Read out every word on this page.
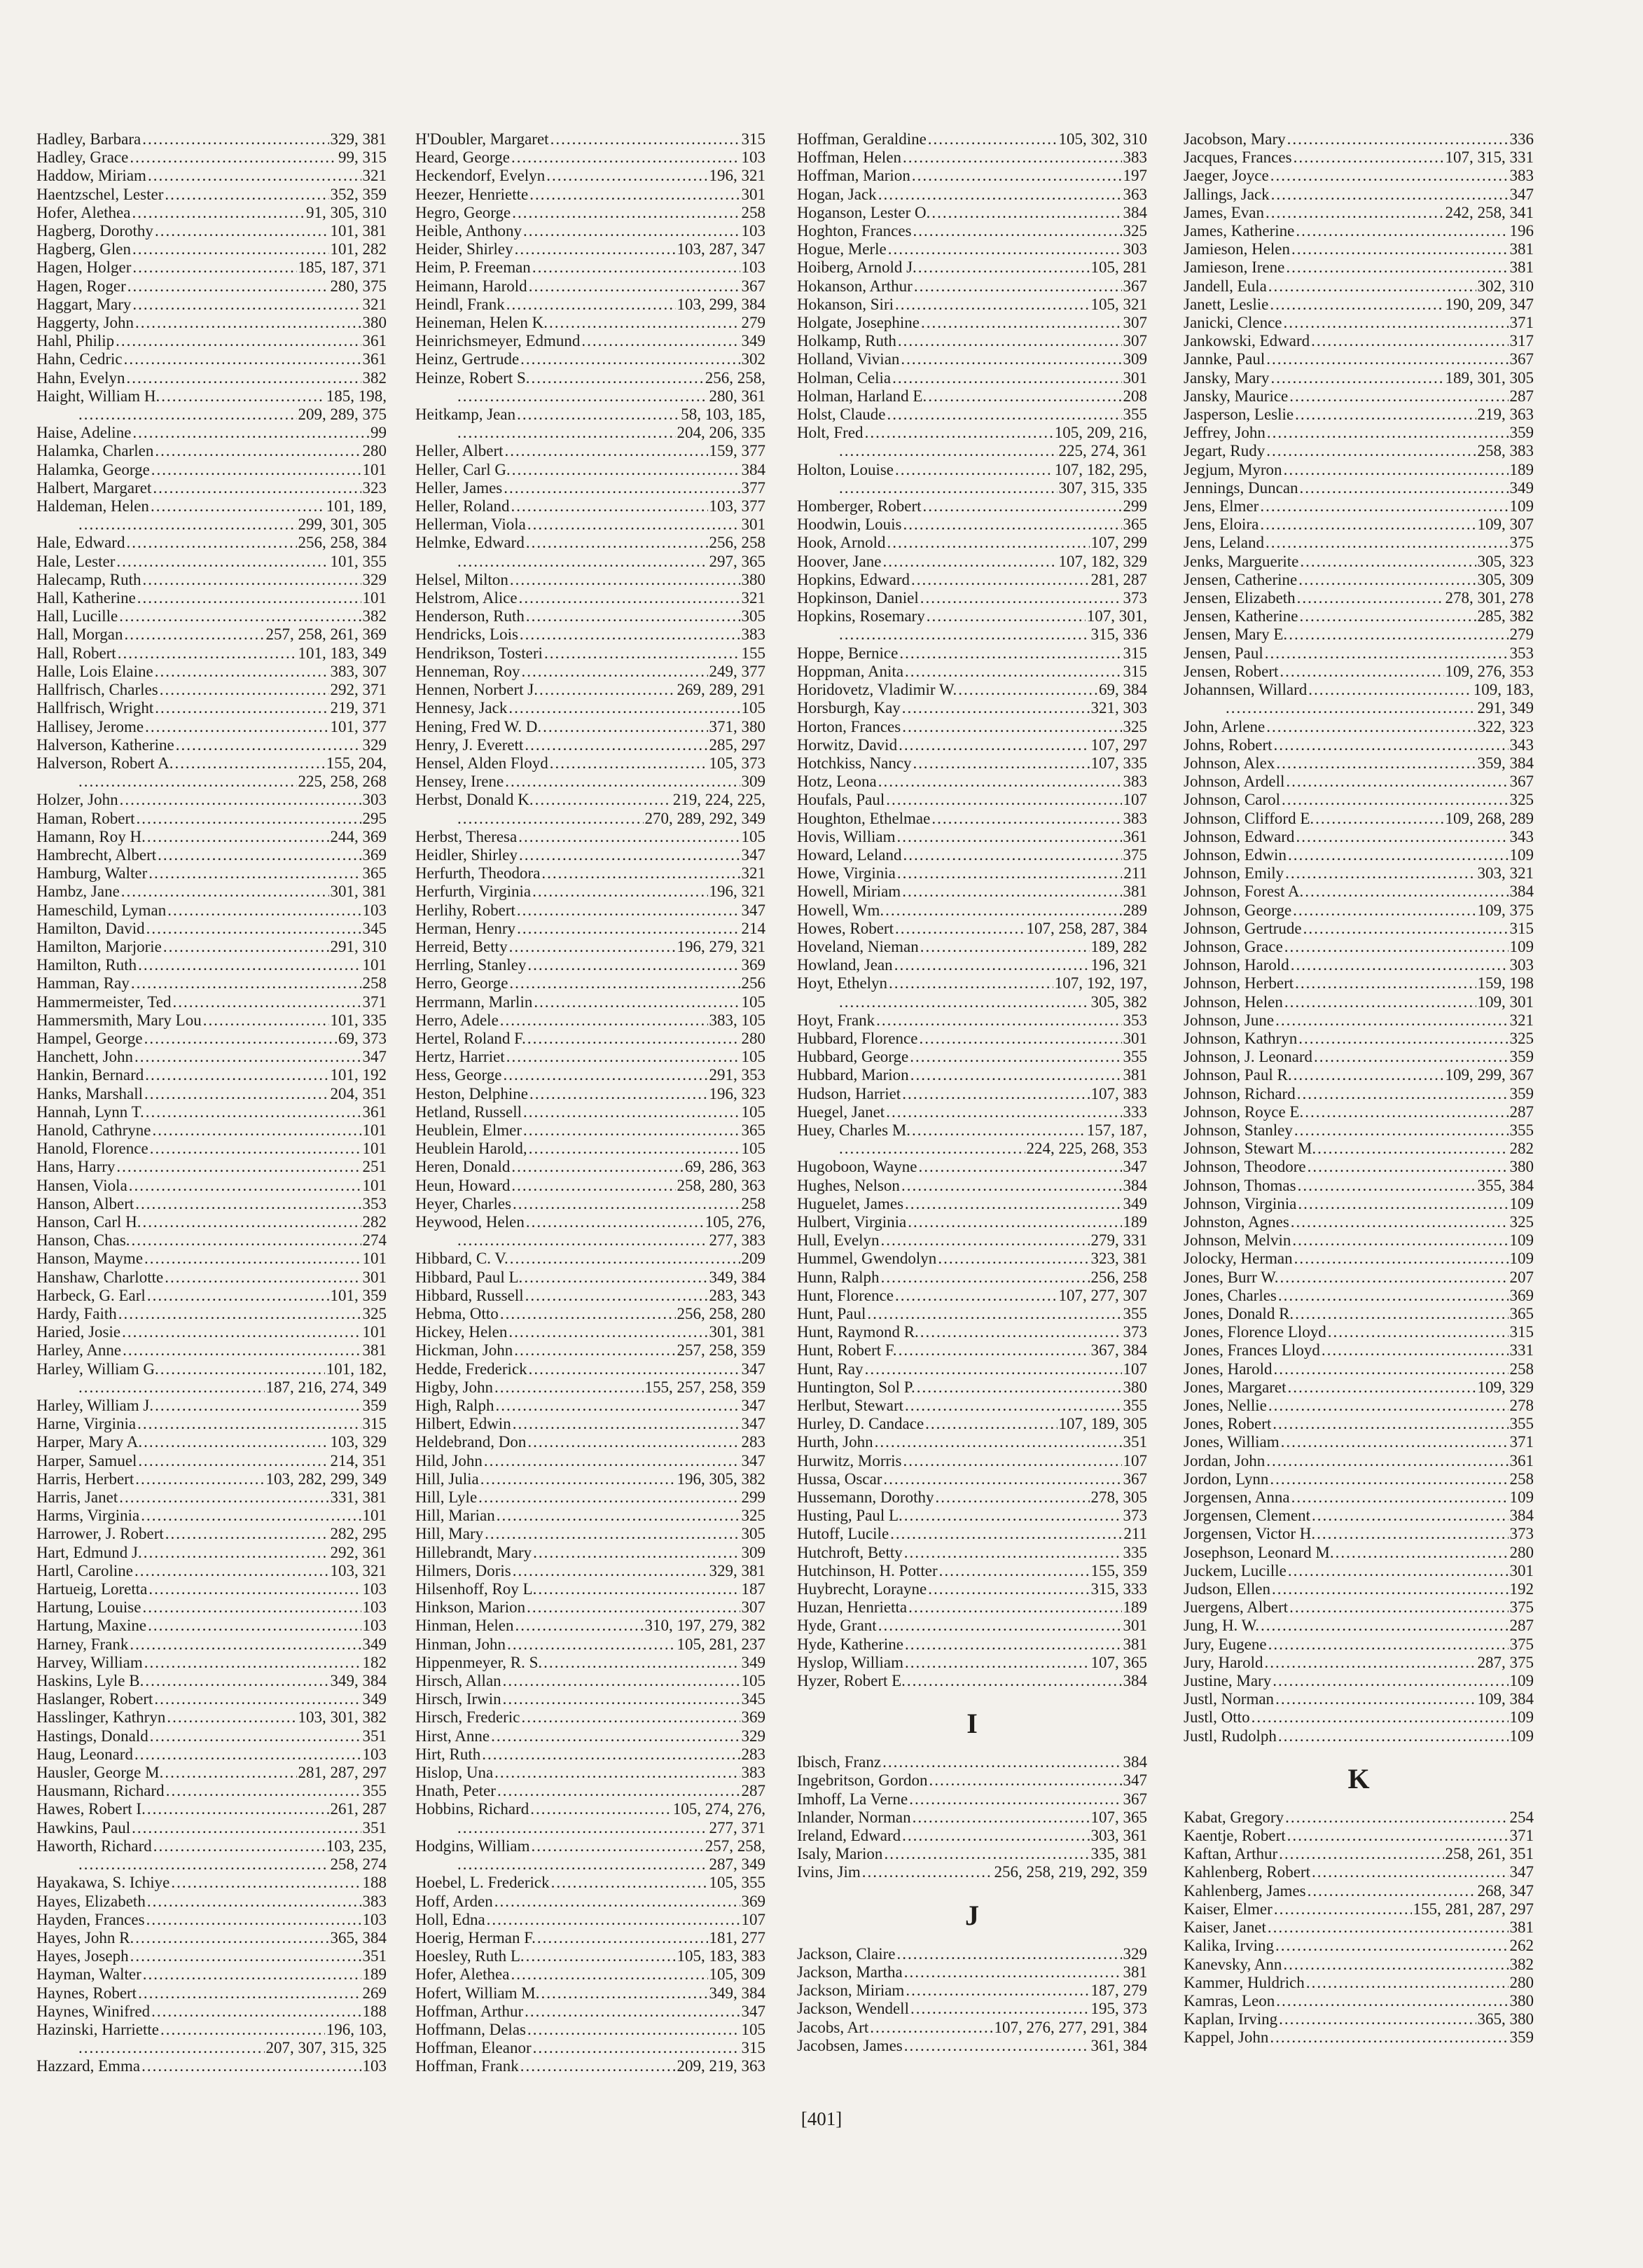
Hadley, Barbara .....	329, 381
Hadley, Grace .....	99, 315
Haddow, Miriam .....	321
Haentzschel, Lester .....	352, 359
Hofer, Alethea .....	91, 305, 310
Hagberg, Dorothy .....	101, 381
Hagberg, Glen .....	101, 282
Hagen, Holger .....	185, 187, 371
Hagen, Roger .....	280, 375
Haggart, Mary .....	321
Haggerty, John .....	380
Hahl, Philip .....	361
Hahn, Cedric .....	361
Hahn, Evelyn .....	382
Haight, William H. .....	185, 198,
.....
209, 289, 375
Haise, Adeline .....	99
Halamka, Charlen .....	280
Halamka, George .....	101
Halbert, Margaret .....	323
Haldeman, Helen .....	101, 189,
.....
299, 301, 305
Hale, Edward .....	256, 258, 384
Hale, Lester .....	101, 355
Halecamp, Ruth .....	329
Hall, Katherine .....	101
Hall, Lucille .....	382
Hall, Morgan .....	257, 258, 261, 369
Hall, Robert .....	101, 183, 349
Halle, Lois Elaine .....	383, 307
Hallfrisch, Charles .....	292, 371
Hallfrisch, Wright .....	219, 371
Hallisey, Jerome .....	101, 377
Halverson, Katherine .....	329
Halverson, Robert A. .....	155, 204,
.....
225, 258, 268
Holzer, John .....	303
Haman, Robert .....	295
Hamann, Roy H. .....	244, 369
Hambrecht, Albert .....	369
Hamburg, Walter .....	365
Hambz, Jane .....	301, 381
Hameschild, Lyman .....	103
Hamilton, David .....	345
Hamilton, Marjorie .....	291, 310
Hamilton, Ruth .....	101
Hamman, Ray .....	258
Hammermeister, Ted .....	371
Hammersmith, Mary Lou .....	101, 335
Hampel, George .....	69, 373
Hanchett, John .....	347
Hankin, Bernard .....	101, 192
Hanks, Marshall .....	204, 351
Hannah, Lynn T. .....	361
Hanold, Cathryne .....	101
Hanold, Florence .....	101
Hans, Harry .....	251
Hansen, Viola .....	101
Hanson, Albert .....	353
Hanson, Carl H. .....	282
Hanson, Chas. .....	274
Hanson, Mayme .....	101
Hanshaw, Charlotte .....	301
Harbeck, G. Earl .....	101, 359
Hardy, Faith .....	325
Haried, Josie .....	101
Harley, Anne .....	381
Harley, William G. .....	101, 182,
.....
187, 216, 274, 349
Harley, William J. .....	359
Harne, Virginia .....	315
Harper, Mary A. .....	103, 329
Harper, Samuel .....	214, 351
Harris, Herbert .....	103, 282, 299, 349
Harris, Janet .....	331, 381
Harms, Virginia .....	101
Harrower, J. Robert .....	282, 295
Hart, Edmund J. .....	292, 361
Hartl, Caroline .....	103, 321
Hartueig, Loretta .....	103
Hartung, Louise .....	103
Hartung, Maxine .....	103
Harney, Frank .....	349
Harvey, William .....	182
Haskins, Lyle B. .....	349, 384
Haslanger, Robert .....	349
Hasslinger, Kathryn .....	103, 301, 382
Hastings, Donald .....	351
Haug, Leonard .....	103
Hausler, George M. .....	281, 287, 297
Hausmann, Richard .....	355
Hawes, Robert I. .....	261, 287
Hawkins, Paul .....	351
Haworth, Richard .....	103, 235,
.....
258, 274
Hayakawa, S. Ichiye .....	188
Hayes, Elizabeth .....	383
Hayden, Frances .....	103
Hayes, John R. .....	365, 384
Hayes, Joseph .....	351
Hayman, Walter .....	189
Haynes, Robert .....	269
Haynes, Winifred .....	188
Hazinski, Harriette .....	196, 103,
.....
207, 307, 315, 325
Hazzard, Emma .....	103
H'Doubler, Margaret .....	315
Heard, George .....	103
Heckendorf, Evelyn .....	196, 321
Heezer, Henriette .....	301
Hegro, George .....	258
Heible, Anthony .....	103
Heider, Shirley .....	103, 287, 347
Heim, P. Freeman .....	103
Heimann, Harold .....	367
Heindl, Frank .....	103, 299, 384
Heineman, Helen K. .....	279
Heinrichsmeyer, Edmund .....	349
Heinz, Gertrude .....	302
Heinze, Robert S. .....	256, 258,
.....
280, 361
Heitkamp, Jean .....	58, 103, 185,
.....
204, 206, 335
Heller, Albert .....	159, 377
Heller, Carl G. .....	384
Heller, James .....	377
Heller, Roland .....	103, 377
Hellerman, Viola .....	301
Helmke, Edward .....	256, 258
.....
297, 365
Helsel, Milton .....	380
Helstrom, Alice .....	321
Henderson, Ruth .....	305
Hendricks, Lois .....	383
Hendrikson, Tosteri .....	155
Henneman, Roy .....	249, 377
Hennen, Norbert J. .....	269, 289, 291
Hennesy, Jack .....	105
Hening, Fred W. D. .....	371, 380
Henry, J. Everett .....	285, 297
Hensel, Alden Floyd .....	105, 373
Hensey, Irene .....	309
Herbst, Donald K. .....	219, 224, 225,
.....
270, 289, 292, 349
Herbst, Theresa .....	105
Heidler, Shirley .....	347
Herfurth, Theodora .....	321
Herfurth, Virginia .....	196, 321
Herlihy, Robert .....	347
Herman, Henry .....	214
Herreid, Betty .....	196, 279, 321
Herrling, Stanley .....	369
Herro, George .....	256
Herrmann, Marlin .....	105
Herro, Adele .....	383, 105
Hertel, Roland F. .....	280
Hertz, Harriet .....	105
Hess, George .....	291, 353
Heston, Delphine .....	196, 323
Hetland, Russell .....	105
Heublein, Elmer .....	365
Heublein Harold, .....	105
Heren, Donald .....	69, 286, 363
Heun, Howard .....	258, 280, 363
Heyer, Charles .....	258
Heywood, Helen .....	105, 276,
.....
277, 383
Hibbard, C. V. .....	209
Hibbard, Paul L. .....	349, 384
Hibbard, Russell .....	283, 343
Hebma, Otto .....	256, 258, 280
Hickey, Helen .....	301, 381
Hickman, John .....	257, 258, 359
Hedde, Frederick .....	347
Higby, John .....	155, 257, 258, 359
High, Ralph .....	347
Hilbert, Edwin .....	347
Heldebrand, Don .....	283
Hild, John .....	347
Hill, Julia .....	196, 305, 382
Hill, Lyle .....	299
Hill, Marian .....	325
Hill, Mary .....	305
Hillebrandt, Mary .....	309
Hilmers, Doris .....	329, 381
Hilsenhoff, Roy L. .....	187
Hinkson, Marion .....	307
Hinman, Helen .....	310, 197, 279, 382
Hinman, John .....	105, 281, 237
Hippenmeyer, R. S. .....	349
Hirsch, Allan .....	105
Hirsch, Irwin .....	345
Hirsch, Frederic .....	369
Hirst, Anne .....	329
Hirt, Ruth .....	283
Hislop, Una .....	383
Hnath, Peter .....	287
Hobbins, Richard .....	105, 274, 276,
.....
277, 371
Hodgins, William .....	257, 258,
.....
287, 349
Hoebel, L. Frederick .....	105, 355
Hoff, Arden .....	369
Holl, Edna .....	107
Hoerig, Herman F. .....	181, 277
Hoesley, Ruth L. .....	105, 183, 383
Hofer, Alethea .....	105, 309
Hofert, William M. .....	349, 384
Hoffman, Arthur .....	347
Hoffmann, Delas .....	105
Hoffman, Eleanor .....	315
Hoffman, Frank .....	209, 219, 363
Hoffman, Geraldine .....	105, 302, 310
Hoffman, Helen .....	383
Hoffman, Marion .....	197
Hogan, Jack .....	363
Hoganson, Lester O. .....	384
Hoghton, Frances .....	325
Hogue, Merle .....	303
Hoiberg, Arnold J. .....	105, 281
Hokanson, Arthur .....	367
Hokanson, Siri .....	105, 321
Holgate, Josephine .....	307
Holkamp, Ruth .....	307
Holland, Vivian .....	309
Holman, Celia .....	301
Holman, Harland E. .....	208
Holst, Claude .....	355
Holt, Fred .....	105, 209, 216,
.....
225, 274, 361
Holton, Louise .....	107, 182, 295,
.....
307, 315, 335
Homberger, Robert .....	299
Hoodwin, Louis .....	365
Hook, Arnold .....	107, 299
Hoover, Jane .....	107, 182, 329
Hopkins, Edward .....	281, 287
Hopkinson, Daniel .....	373
Hopkins, Rosemary .....	107, 301,
.....
315, 336
Hoppe, Bernice .....	315
Hoppman, Anita .....	315
Horidovetz, Vladimir W. .....	69, 384
Horsburgh, Kay .....	321, 303
Horton, Frances .....	325
Horwitz, David .....	107, 297
Hotchkiss, Nancy .....	107, 335
Hotz, Leona .....	383
Houfals, Paul .....	107
Houghton, Ethelmae .....	383
Hovis, William .....	361
Howard, Leland .....	375
Howe, Virginia .....	211
Howell, Miriam .....	381
Howell, Wm. .....	289
Howes, Robert .....	107, 258, 287, 384
Hoveland, Nieman .....	189, 282
Howland, Jean .....	196, 321
Hoyt, Ethelyn .....	107, 192, 197,
.....
305, 382
Hoyt, Frank .....	353
Hubbard, Florence .....	301
Hubbard, George .....	355
Hubbard, Marion .....	381
Hudson, Harriet .....	107, 383
Huegel, Janet .....	333
Huey, Charles M. .....	157, 187,
.....
224, 225, 268, 353
Hugoboon, Wayne .....	347
Hughes, Nelson .....	384
Huguelet, James .....	349
Hulbert, Virginia .....	189
Hull, Evelyn .....	279, 331
Hummel, Gwendolyn .....	323, 381
Hunn, Ralph .....	256, 258
Hunt, Florence .....	107, 277, 307
Hunt, Paul .....	355
Hunt, Raymond R. .....	373
Hunt, Robert F. .....	367, 384
Hunt, Ray .....	107
Huntington, Sol P. .....	380
Herlbut, Stewart .....	355
Hurley, D. Candace .....	107, 189, 305
Hurth, John .....	351
Hurwitz, Morris .....	107
Hussa, Oscar .....	367
Hussemann, Dorothy .....	278, 305
Husting, Paul L. .....	373
Hutoff, Lucile .....	211
Hutchroft, Betty .....	335
Hutchinson, H. Potter .....	155, 359
Huybrecht, Lorayne .....	315, 333
Huzan, Henrietta .....	189
Hyde, Grant .....	301
Hyde, Katherine .....	381
Hyslop, William .....	107, 365
Hyzer, Robert E. .....	384
I
Ibisch, Franz .....	384
Ingebritson, Gordon .....	347
Imhoff, La Verne .....	367
Inlander, Norman .....	107, 365
Ireland, Edward .....	303, 361
Isaly, Marion .....	335, 381
Ivins, Jim .....	256, 258, 219, 292, 359
J
Jackson, Claire .....	329
Jackson, Martha .....	381
Jackson, Miriam .....	187, 279
Jackson, Wendell .....	195, 373
Jacobs, Art .....	107, 276, 277, 291, 384
Jacobsen, James .....	361, 384
Jacobson, Mary .....	336
Jacques, Frances .....	107, 315, 331
Jaeger, Joyce .....	383
Jallings, Jack .....	347
James, Evan .....	242, 258, 341
James, Katherine .....	196
Jamieson, Helen .....	381
Jamieson, Irene .....	381
Jandell, Eula .....	302, 310
Janett, Leslie .....	190, 209, 347
Janicki, Clence .....	371
Jankowski, Edward .....	317
Jannke, Paul .....	367
Jansky, Mary .....	189, 301, 305
Jansky, Maurice .....	287
Jasperson, Leslie .....	219, 363
Jeffrey, John .....	359
Jegart, Rudy .....	258, 383
Jegjum, Myron .....	189
Jennings, Duncan .....	349
Jens, Elmer .....	109
Jens, Eloira .....	109, 307
Jens, Leland .....	375
Jenks, Marguerite .....	305, 323
Jensen, Catherine .....	305, 309
Jensen, Elizabeth .....	278, 301, 278
Jensen, Katherine .....	285, 382
Jensen, Mary E. .....	279
Jensen, Paul .....	353
Jensen, Robert .....	109, 276, 353
Johannsen, Willard .....	109, 183,
.....
291, 349
John, Arlene .....	322, 323
Johns, Robert .....	343
Johnson, Alex .....	359, 384
Johnson, Ardell .....	367
Johnson, Carol .....	325
Johnson, Clifford E. .....	109, 268, 289
Johnson, Edward .....	343
Johnson, Edwin .....	109
Johnson, Emily .....	303, 321
Johnson, Forest A. .....	384
Johnson, George .....	109, 375
Johnson, Gertrude .....	315
Johnson, Grace .....	109
Johnson, Harold .....	303
Johnson, Herbert .....	159, 198
Johnson, Helen .....	109, 301
Johnson, June .....	321
Johnson, Kathryn .....	325
Johnson, J. Leonard .....	359
Johnson, Paul R. .....	109, 299, 367
Johnson, Richard .....	359
Johnson, Royce E. .....	287
Johnson, Stanley .....	355
Johnson, Stewart M. .....	282
Johnson, Theodore .....	380
Johnson, Thomas .....	355, 384
Johnson, Virginia .....	109
Johnston, Agnes .....	325
Johnson, Melvin .....	109
Jolocky, Herman .....	109
Jones, Burr W. .....	207
Jones, Charles .....	369
Jones, Donald R. .....	365
Jones, Florence Lloyd .....	315
Jones, Frances Lloyd .....	331
Jones, Harold .....	258
Jones, Margaret .....	109, 329
Jones, Nellie .....	278
Jones, Robert .....	355
Jones, William .....	371
Jordan, John .....	361
Jordon, Lynn .....	258
Jorgensen, Anna .....	109
Jorgensen, Clement .....	384
Jorgensen, Victor H. .....	373
Josephson, Leonard M. .....	280
Juckem, Lucille .....	301
Judson, Ellen .....	192
Juergens, Albert .....	375
Jung, H. W. .....	287
Jury, Eugene .....	375
Jury, Harold .....	287, 375
Justine, Mary .....	109
Justl, Norman .....	109, 384
Justl, Otto .....	109
Justl, Rudolph .....	109
K
Kabat, Gregory .....	254
Kaentje, Robert .....	371
Kaftan, Arthur .....	258, 261, 351
Kahlenberg, Robert .....	347
Kahlenberg, James .....	268, 347
Kaiser, Elmer .....	155, 281, 287, 297
Kaiser, Janet .....	381
Kalika, Irving .....	262
Kanevsky, Ann .....	382
Kammer, Huldrich .....	280
Kamras, Leon .....	380
Kaplan, Irving .....	365, 380
Kappel, John .....	359
[401]
